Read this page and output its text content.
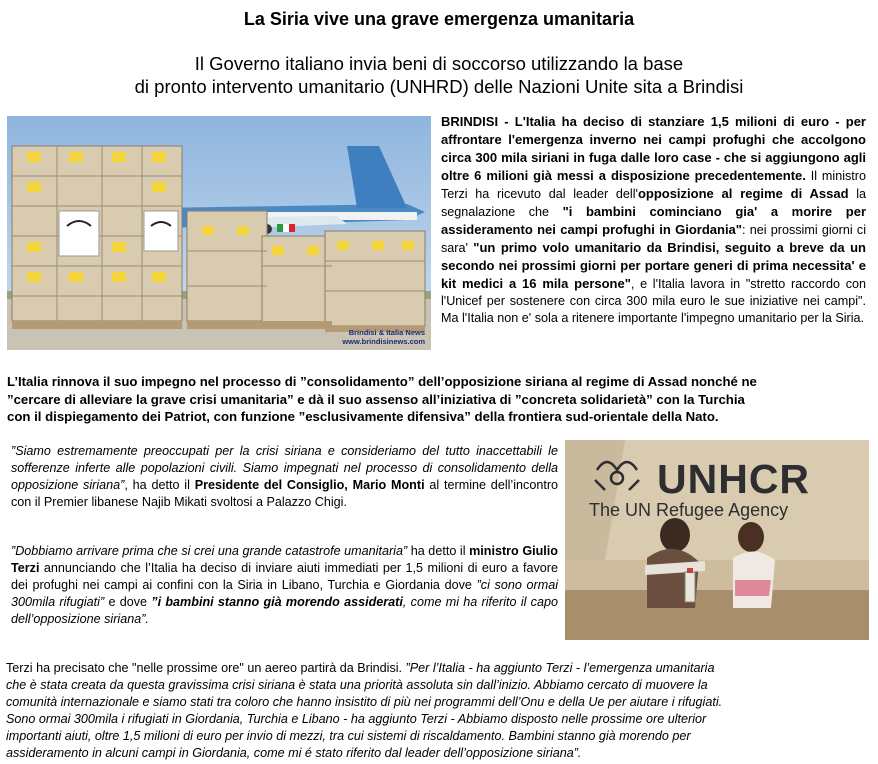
La Siria vive una grave emergenza umanitaria
Il Governo italiano invia beni di soccorso utilizzando la base
di pronto intervento umanitario (UNHRD) delle Nazioni Unite sita a Brindisi
Brindisi & Italia News
www.brindisinews.com
BRINDISI - L'Italia ha deciso di stanziare 1,5 milioni di euro - per affrontare l'emergenza inverno nei campi profughi che accolgono circa 300 mila siriani in fuga dalle loro case - che si aggiungono agli oltre 6 milioni già messi a disposizione precedentemente. Il ministro Terzi ha ricevuto dal leader dell'opposizione al regime di Assad la segnalazione che "i bambini cominciano gia' a morire per assideramento nei campi profughi in Giordania": nei prossimi giorni ci sara' "un primo volo umanitario da Brindisi, seguito a breve da un secondo nei prossimi giorni per portare generi di prima necessita' e kit medici a 16 mila persone", e l'Italia lavora in "stretto raccordo con l'Unicef per sostenere con circa 300 mila euro le sue iniziative nei campi". Ma l'Italia non e' sola a ritenere importante l'impegno umanitario per la Siria.
L’Italia rinnova il suo impegno nel processo di ”consolidamento” dell’opposizione siriana al regime di Assad nonché ne
”cercare di alleviare la grave crisi umanitaria” e dà il suo assenso all’iniziativa di ”concreta solidarietà” con la Turchia
con il dispiegamento dei Patriot, con funzione ”esclusivamente difensiva” della frontiera sud-orientale della Nato.
”Siamo estremamente preoccupati per la crisi siriana e consideriamo del tutto inaccettabili le sofferenze inferte alle popolazioni civili. Siamo impegnati nel processo di consolidamento della opposizione siriana”, ha detto il Presidente del Consiglio, Mario Monti al termine dell’incontro con il Premier libanese Najib Mikati svoltosi a Palazzo Chigi.
”Dobbiamo arrivare prima che si crei una grande catastrofe umanitaria” ha detto il ministro Giulio Terzi annunciando che l’Italia ha deciso di inviare aiuti immediati per 1,5 milioni di euro a favore dei profughi nei campi ai confini con la Siria in Libano, Turchia e Giordania dove ”ci sono ormai 300mila rifugiati” e dove ”i bambini stanno già morendo assiderati, come mi ha riferito il capo dell’opposizione siriana”.
UNHCR
The UN Refugee Agency
Terzi ha precisato che "nelle prossime ore" un aereo partirà da Brindisi. ”Per l’Italia - ha aggiunto Terzi - l’emergenza umanitaria
che è stata creata da questa gravissima crisi siriana è stata una priorità assoluta sin dall’inizio. Abbiamo cercato di muovere la
comunità internazionale e siamo stati tra coloro che hanno insistito di più nei programmi dell’Onu e della Ue per aiutare i rifugiati.
Sono ormai 300mila i rifugiati in Giordania, Turchia e Libano - ha aggiunto Terzi - Abbiamo disposto nelle prossime ore ulterior
importanti aiuti, oltre 1,5 milioni di euro per invio di mezzi, tra cui sistemi di riscaldamento. Bambini stanno già morendo per
assideramento in alcuni campi in Giordania, come mi é stato riferito dal leader dell’opposizione siriana”.
